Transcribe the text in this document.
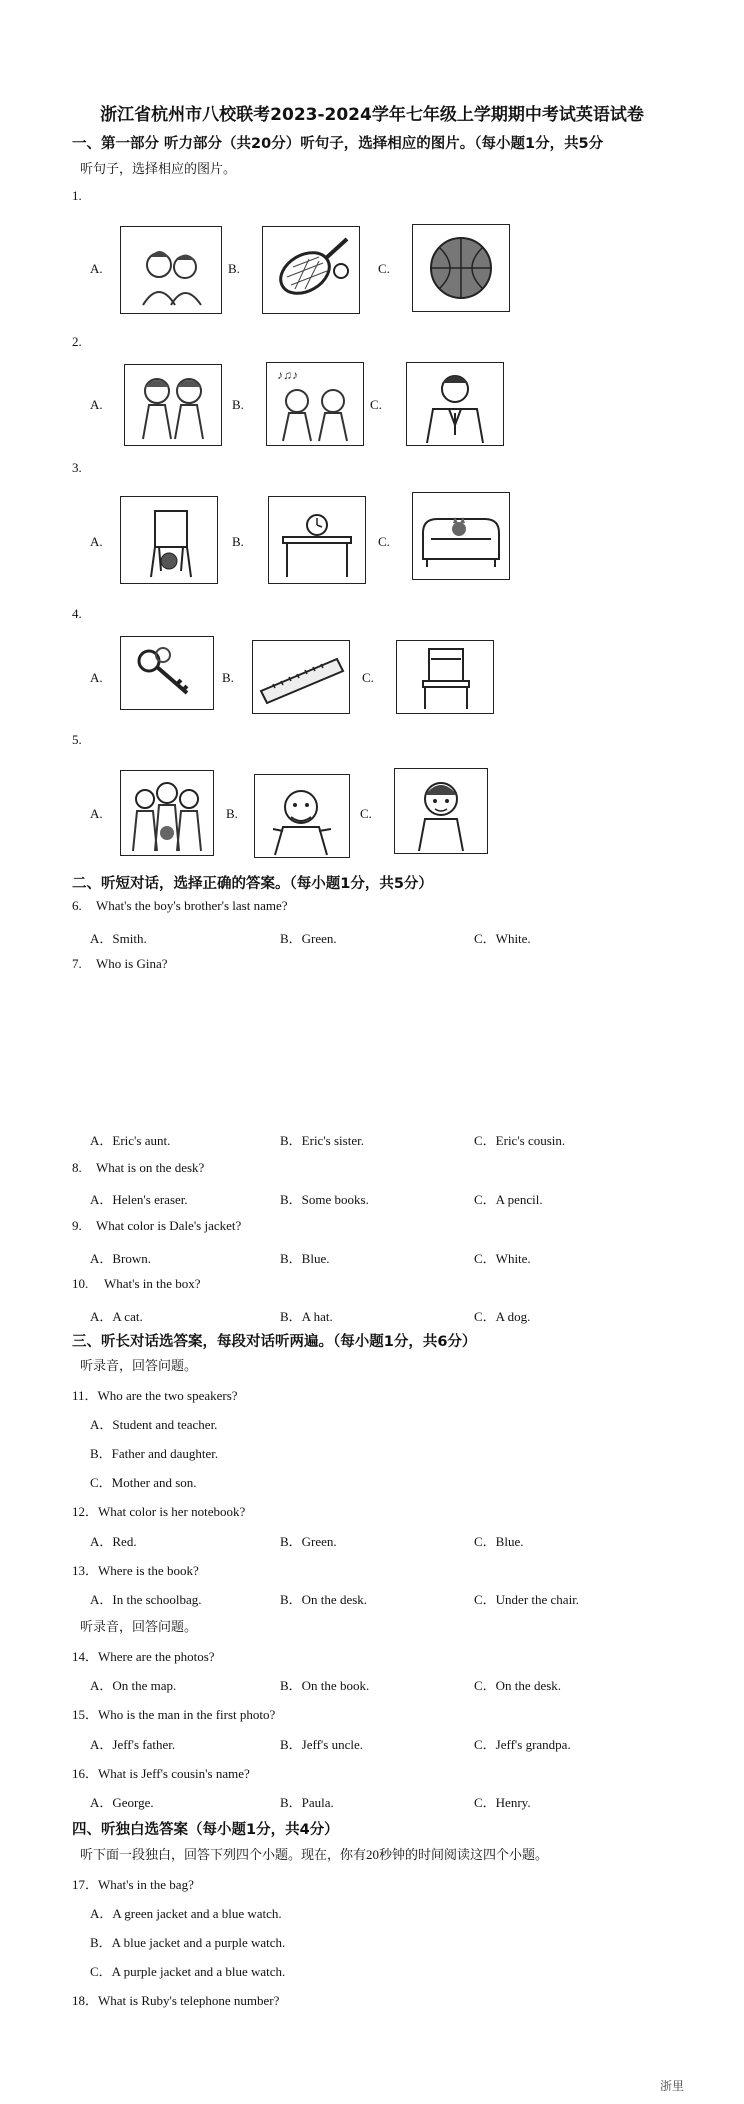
浙江省杭州市八校联考2023-2024学年七年级上学期期中考试英语试卷
一、第一部分 听力部分（共20分）听句子，选择相应的图片。（每小题1分，共5分
听句子，选择相应的图片。
1.
A.	B.	C.
2.
A.	B.
♪♫♪
C.
3.
A.	B.	C.
4.
A.	B.	C.
5.
A.	B.	C.
二、听短对话，选择正确的答案。（每小题1分，共5分）
6. What's the boy's brother's last name?
A．Smith.	B．Green.	C．White.
7. Who is Gina?
A．Eric's aunt.	B．Eric's sister.	C．Eric's cousin.
8. What is on the desk?
A．Helen's eraser.	B．Some books.	C．A pencil.
9. What color is Dale's jacket?
A．Brown.	B．Blue.	C．White.
10. What's in the box?
A．A cat.	B．A hat.	C．A dog.
三、听长对话选答案，每段对话听两遍。（每小题1分，共6分）
听录音，回答问题。
11．Who are the two speakers?
A．Student and teacher.
B．Father and daughter.
C．Mother and son.
12．What color is her notebook?
A．Red.	B．Green.	C．Blue.
13．Where is the book?
A．In the schoolbag.	B．On the desk.	C．Under the chair.
听录音，回答问题。
14．Where are the photos?
A．On the map.	B．On the book.	C．On the desk.
15．Who is the man in the first photo?
A．Jeff's father.	B．Jeff's uncle.	C．Jeff's grandpa.
16．What is Jeff's cousin's name?
A．George.	B．Paula.	C．Henry.
四、听独白选答案（每小题1分，共4分）
听下面一段独白，回答下列四个小题。现在，你有20秒钟的时间阅读这四个小题。
17．What's in the bag?
A．A green jacket and a blue watch.
B．A blue jacket and a purple watch.
C．A purple jacket and a blue watch.
18．What is Ruby's telephone number?
浙里
